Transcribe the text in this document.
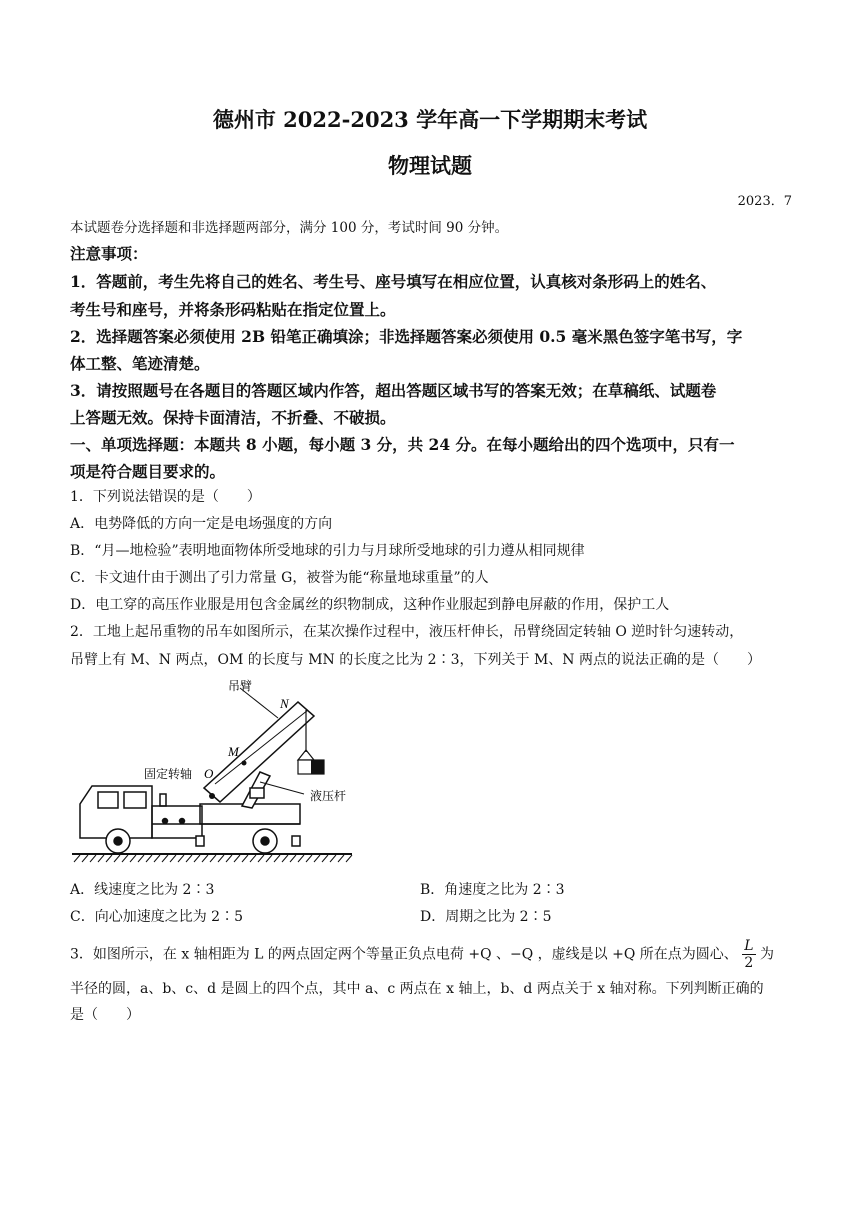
德州市 2022-2023 学年高一下学期期末考试
物理试题
2023．7
本试题卷分选择题和非选择题两部分，满分 100 分，考试时间 90 分钟。
注意事项：
1．答题前，考生先将自己的姓名、考生号、座号填写在相应位置，认真核对条形码上的姓名、
考生号和座号，并将条形码粘贴在指定位置上。
2．选择题答案必须使用 2B 铅笔正确填涂；非选择题答案必须使用 0.5 毫米黑色签字笔书写，字
体工整、笔迹清楚。
3．请按照题号在各题目的答题区域内作答，超出答题区域书写的答案无效；在草稿纸、试题卷
上答题无效。保持卡面清洁，不折叠、不破损。
一、单项选择题：本题共 8 小题，每小题 3 分，共 24 分。在每小题给出的四个选项中，只有一
项是符合题目要求的。
1．下列说法错误的是（　　）
A．电势降低的方向一定是电场强度的方向
B．“月—地检验”表明地面物体所受地球的引力与月球所受地球的引力遵从相同规律
C．卡文迪什由于测出了引力常量 G，被誉为能“称量地球重量”的人
D．电工穿的高压作业服是用包含金属丝的织物制成，这种作业服起到静电屏蔽的作用，保护工人
2．工地上起吊重物的吊车如图所示，在某次操作过程中，液压杆伸长，吊臂绕固定转轴 O 逆时针匀速转动，
吊臂上有 M、N 两点，OM 的长度与 MN 的长度之比为 2∶3，下列关于 M、N 两点的说法正确的是（　　）
吊臂
N
M
固定转轴 O
液压杆
A．线速度之比为 2∶3	B．角速度之比为 2∶3
C．向心加速度之比为 2∶5	D．周期之比为 2∶5
3．如图所示，在 x 轴相距为 L 的两点固定两个等量正负点电荷 +Q 、−Q ，虚线是以 +Q 所在点为圆心、 $\frac{L}{2}$ 为
半径的圆，a、b、c、d 是圆上的四个点，其中 a、c 两点在 x 轴上，b、d 两点关于 x 轴对称。下列判断正确的
是（　　）
